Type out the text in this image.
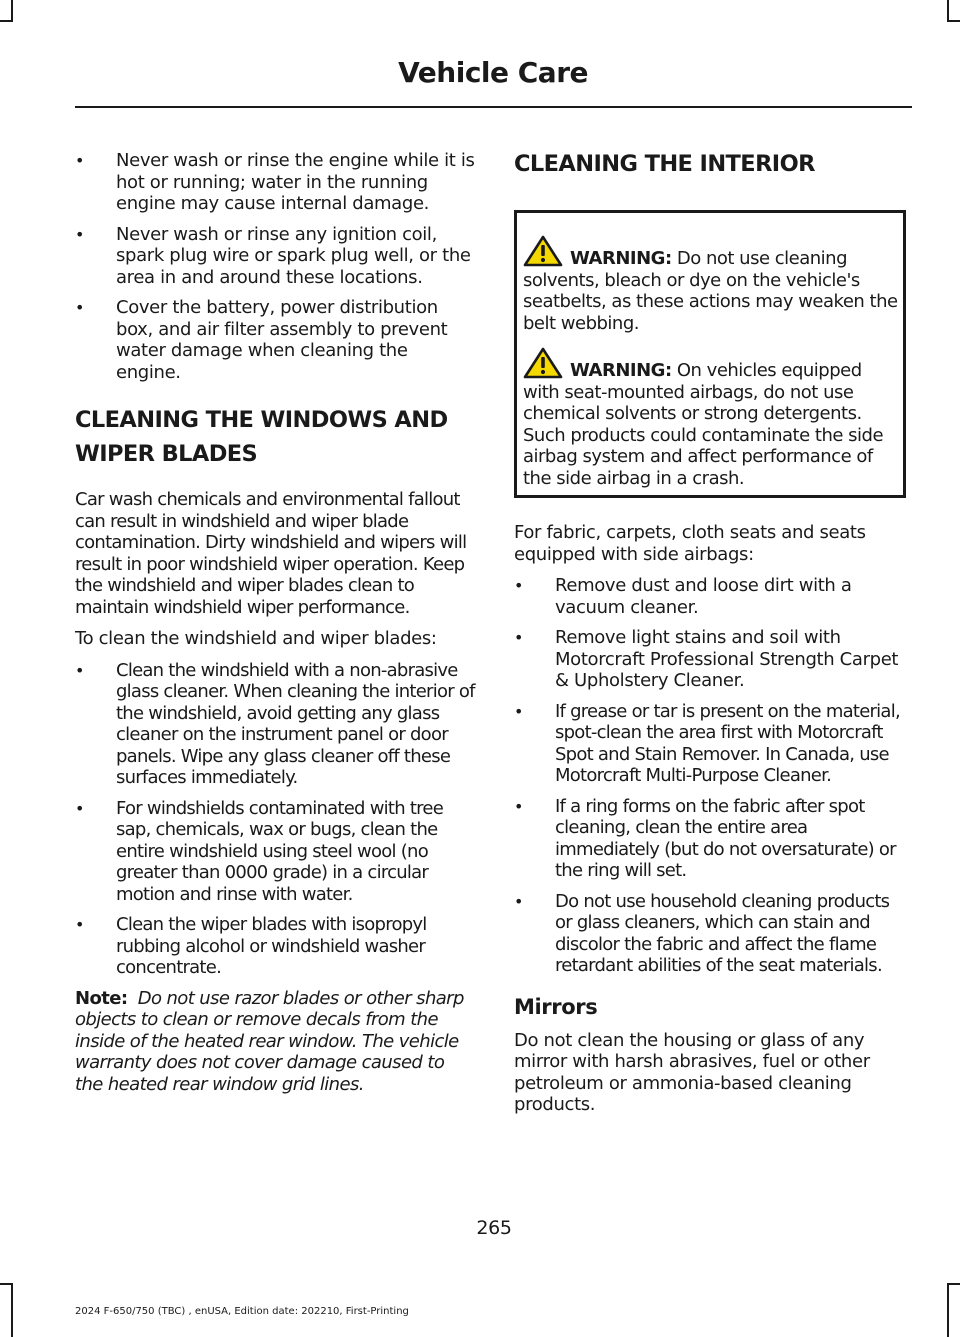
Vehicle Care
• Never wash or rinse the engine while it is hot or running; water in the running engine may cause internal damage.
• Never wash or rinse any ignition coil, spark plug wire or spark plug well, or the area in and around these locations.
• Cover the battery, power distribution box, and air filter assembly to prevent water damage when cleaning the engine.
CLEANING THE WINDOWS AND
WIPER BLADES

Car wash chemicals and environmental fallout can result in windshield and wiper blade contamination. Dirty windshield and wipers will result in poor windshield wiper operation. Keep the windshield and wiper blades clean to maintain windshield wiper performance.

To clean the windshield and wiper blades:

• Clean the windshield with a non-abrasive glass cleaner. When cleaning the interior of the windshield, avoid getting any glass cleaner on the instrument panel or door panels. Wipe any glass cleaner off these surfaces immediately.
• For windshields contaminated with tree sap, chemicals, wax or bugs, clean the entire windshield using steel wool (no greater than 0000 grade) in a circular motion and rinse with water.
• Clean the wiper blades with isopropyl rubbing alcohol or windshield washer concentrate.

Note: Do not use razor blades or other sharp objects to clean or remove decals from the inside of the heated rear window. The vehicle warranty does not cover damage caused to the heated rear window grid lines.

CLEANING THE INTERIOR

WARNING: Do not use cleaning solvents, bleach or dye on the vehicle's seatbelts, as these actions may weaken the belt webbing.

WARNING: On vehicles equipped with seat-mounted airbags, do not use chemical solvents or strong detergents. Such products could contaminate the side airbag system and affect performance of the side airbag in a crash.

For fabric, carpets, cloth seats and seats equipped with side airbags:

• Remove dust and loose dirt with a vacuum cleaner.
• Remove light stains and soil with Motorcraft Professional Strength Carpet & Upholstery Cleaner.
• If grease or tar is present on the material, spot-clean the area first with Motorcraft Spot and Stain Remover. In Canada, use Motorcraft Multi-Purpose Cleaner.
• If a ring forms on the fabric after spot cleaning, clean the entire area immediately (but do not oversaturate) or the ring will set.
• Do not use household cleaning products or glass cleaners, which can stain and discolor the fabric and affect the flame retardant abilities of the seat materials.
Mirrors

Do not clean the housing or glass of any mirror with harsh abrasives, fuel or other petroleum or ammonia-based cleaning products.

265

2024 F-650/750 (TBC) , enUSA, Edition date: 202210, First-Printing
